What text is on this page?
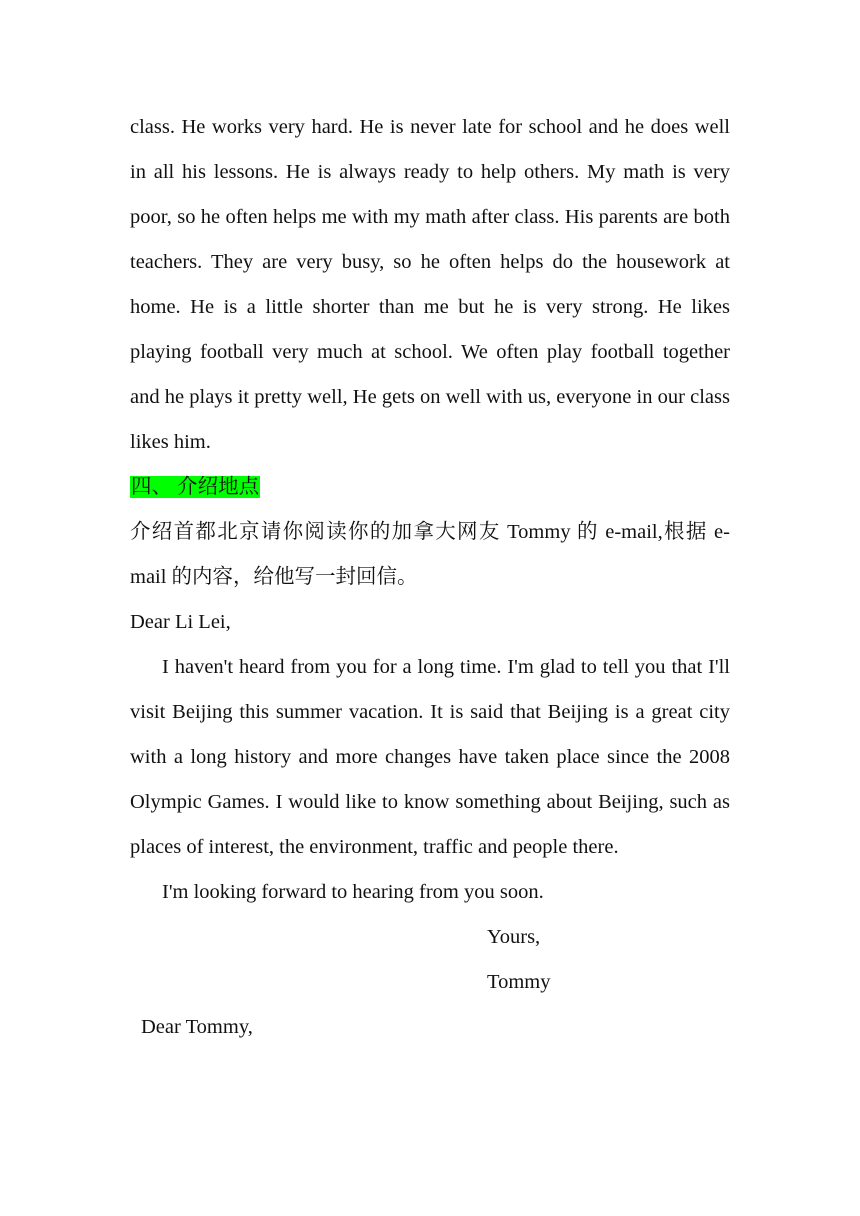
class. He works very hard. He is never late for school and he does well in all his lessons. He is always ready to help others. My math is very poor, so he often helps me with my math after class. His parents are both teachers. They are very busy, so he often helps do the housework at home. He is a little shorter than me but he is very strong. He likes playing football very much at school. We often play football together and he plays it pretty well, He gets on well with us, everyone in our class likes him.

四、 介绍地点

介绍首都北京请你阅读你的加拿大网友 Tommy 的 e-mail,根据 e-mail 的内容，给他写一封回信。

Dear Li Lei,

I haven't heard from you for a long time. I'm glad to tell you that I'll visit Beijing this summer vacation. It is said that Beijing is a great city with a long history and more changes have taken place since the 2008 Olympic Games. I would like to know something about Beijing, such as places of interest, the environment, traffic and people there.

I'm looking forward to hearing from you soon.

Yours,

Tommy

Dear Tommy,
